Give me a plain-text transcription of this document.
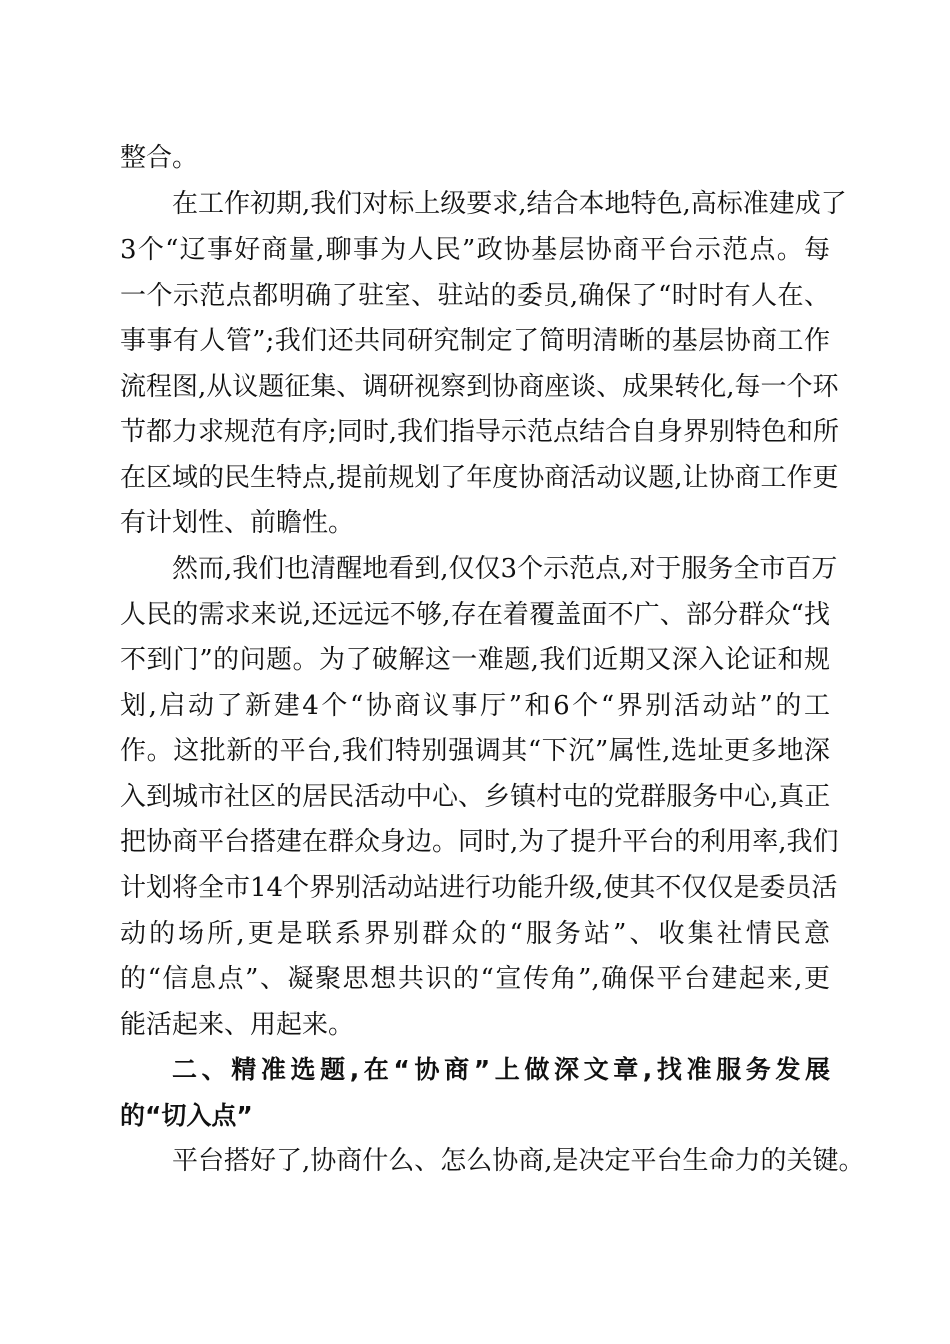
整合。
在工作初期,我们对标上级要求,结合本地特色,高标准建成了
3个“辽事好商量,聊事为人民”政协基层协商平台示范点。每
一个示范点都明确了驻室、驻站的委员,确保了“时时有人在、
事事有人管”;我们还共同研究制定了简明清晰的基层协商工作
流程图,从议题征集、调研视察到协商座谈、成果转化,每一个环
节都力求规范有序;同时,我们指导示范点结合自身界别特色和所
在区域的民生特点,提前规划了年度协商活动议题,让协商工作更
有计划性、前瞻性。
然而,我们也清醒地看到,仅仅3个示范点,对于服务全市百万
人民的需求来说,还远远不够,存在着覆盖面不广、部分群众“找
不到门”的问题。为了破解这一难题,我们近期又深入论证和规
划,启动了新建4个“协商议事厅”和6个“界别活动站”的工
作。这批新的平台,我们特别强调其“下沉”属性,选址更多地深
入到城市社区的居民活动中心、乡镇村屯的党群服务中心,真正
把协商平台搭建在群众身边。同时,为了提升平台的利用率,我们
计划将全市14个界别活动站进行功能升级,使其不仅仅是委员活
动的场所,更是联系界别群众的“服务站”、收集社情民意
的“信息点”、凝聚思想共识的“宣传角”,确保平台建起来,更
能活起来、用起来。
二、精准选题,在“协商”上做深文章,找准服务发展
的“切入点”
平台搭好了,协商什么、怎么协商,是决定平台生命力的关键。
